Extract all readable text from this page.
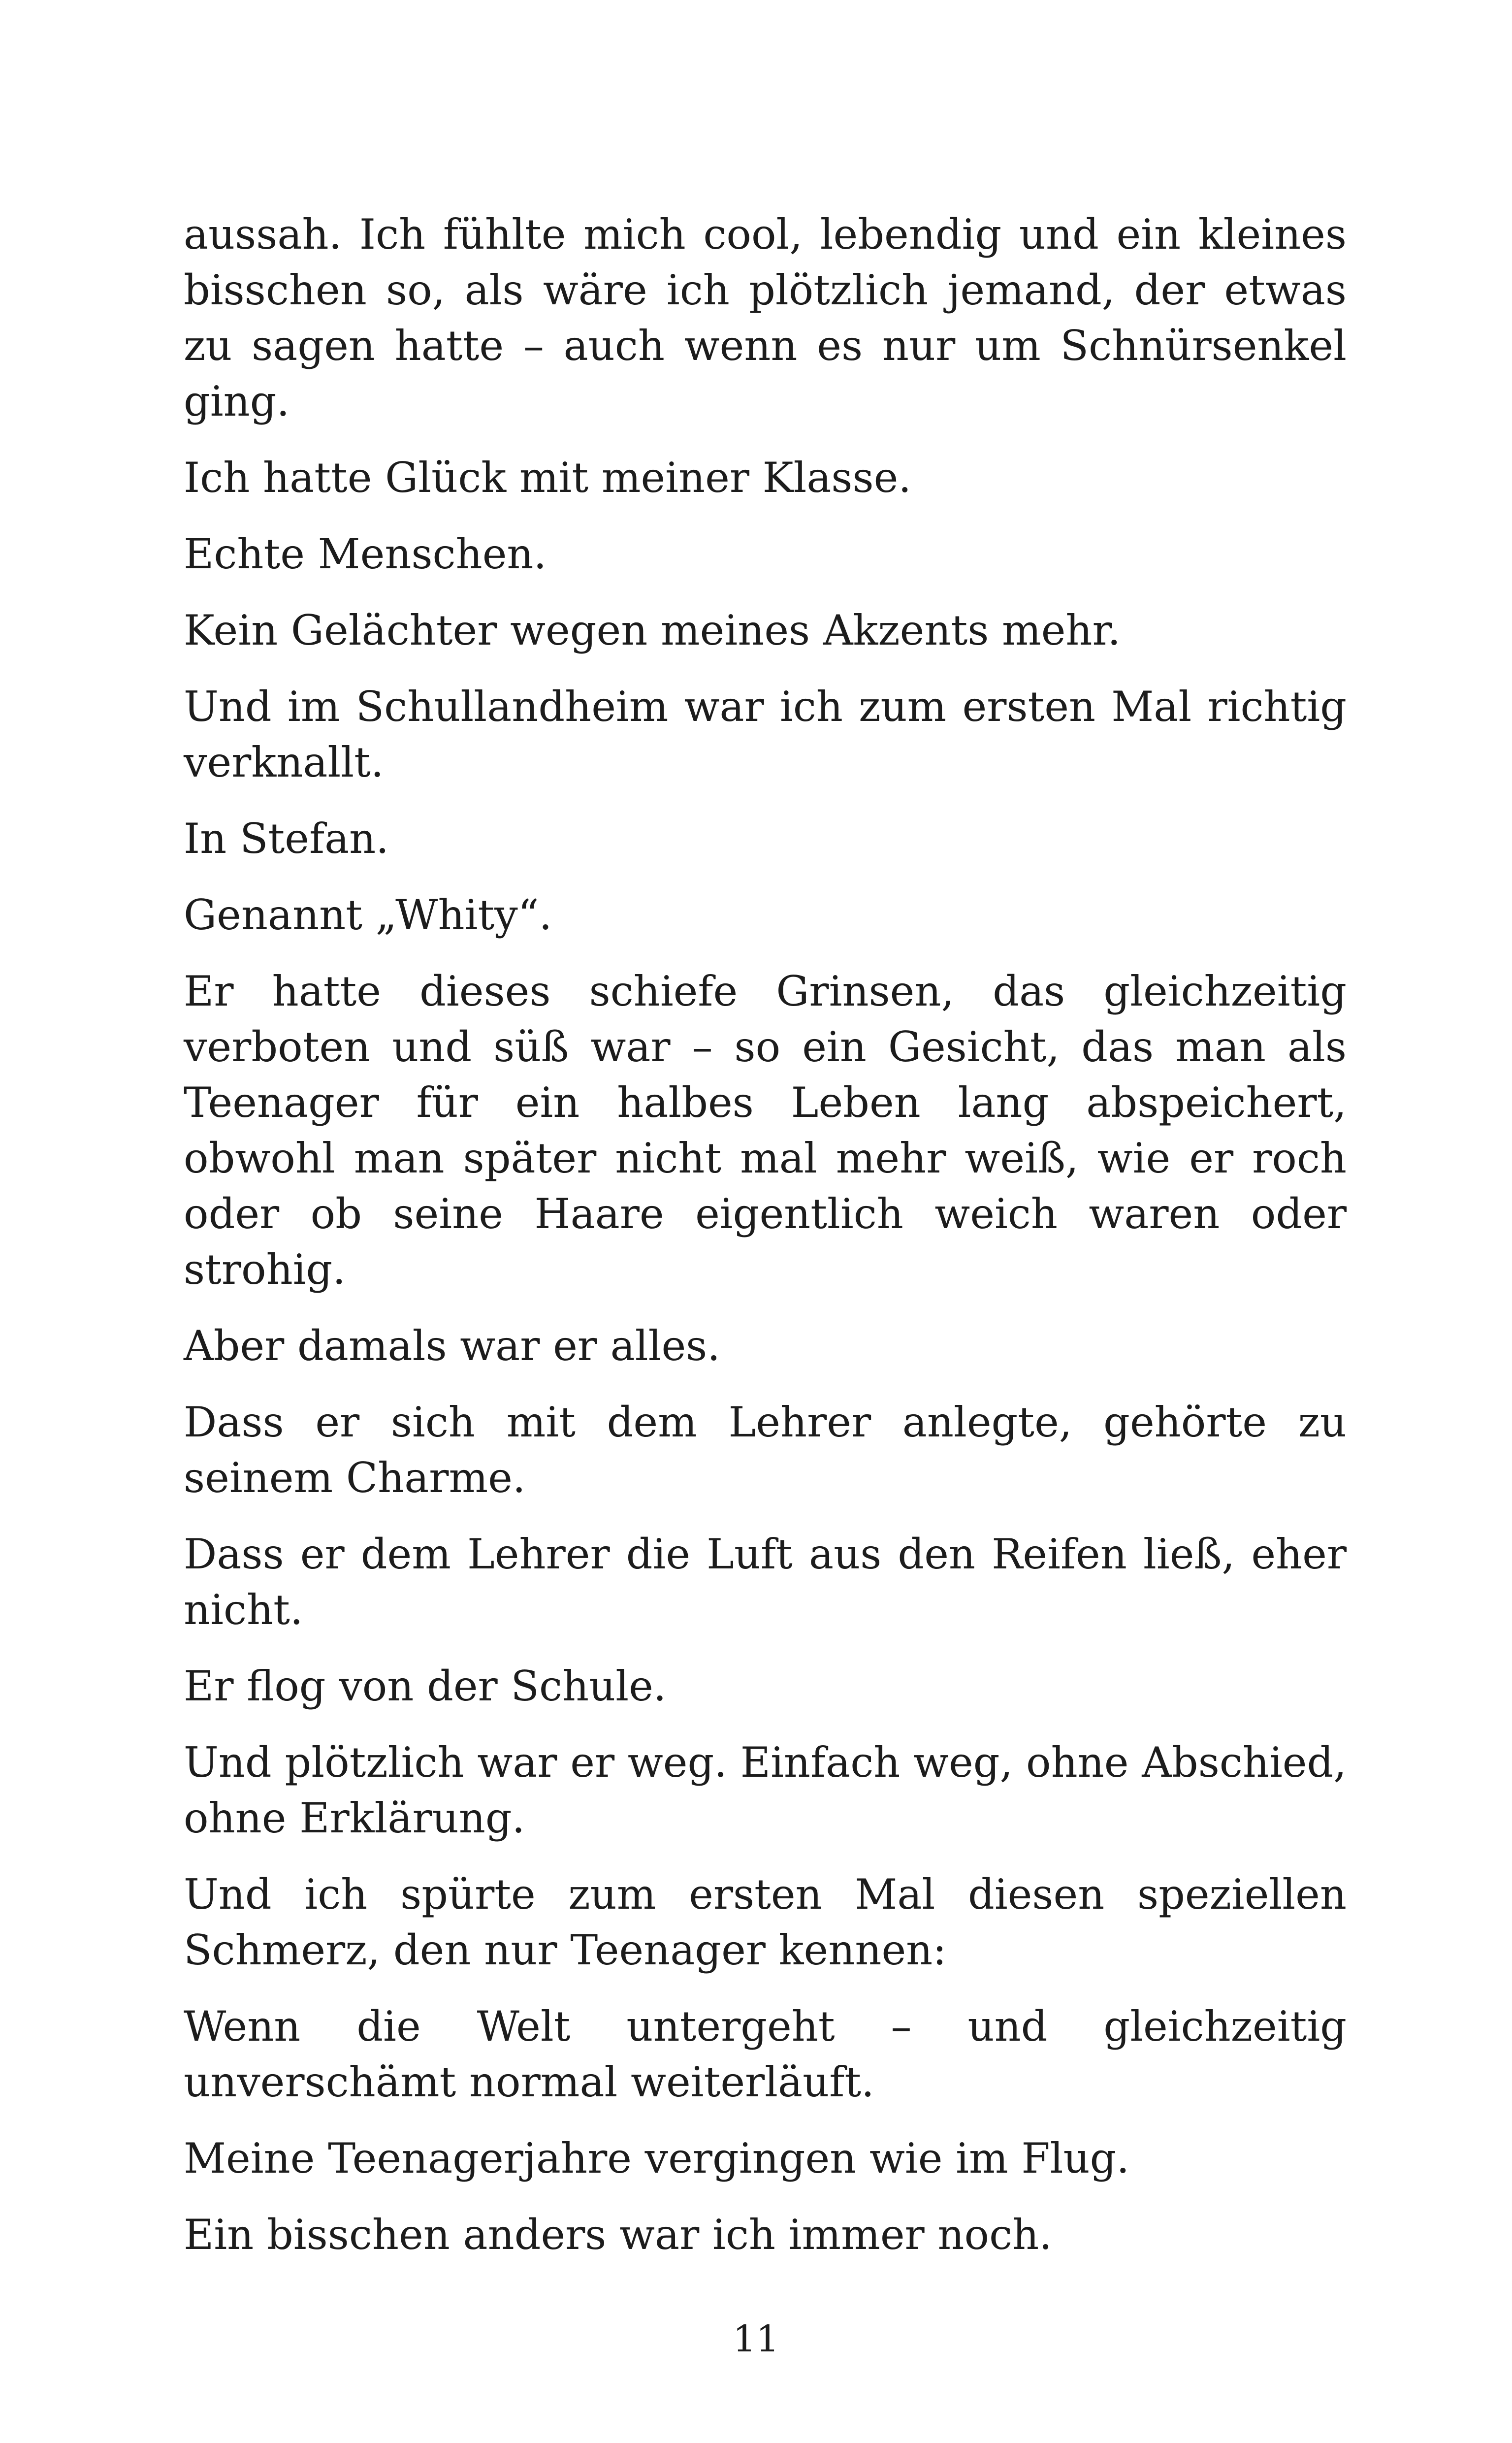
aussah. Ich fühlte mich cool, lebendig und ein kleines bisschen so, als wäre ich plötzlich jemand, der etwas zu sagen hatte – auch wenn es nur um Schnürsenkel ging.

Ich hatte Glück mit meiner Klasse.

Echte Menschen.

Kein Gelächter wegen meines Akzents mehr.

Und im Schullandheim war ich zum ersten Mal richtig verknallt.

In Stefan.

Genannt „Whity“.

Er hatte dieses schiefe Grinsen, das gleichzeitig verboten und süß war – so ein Gesicht, das man als Teenager für ein halbes Leben lang abspeichert, obwohl man später nicht mal mehr weiß, wie er roch oder ob seine Haare eigentlich weich waren oder strohig.

Aber damals war er alles.

Dass er sich mit dem Lehrer anlegte, gehörte zu seinem Charme.

Dass er dem Lehrer die Luft aus den Reifen ließ, eher nicht.

Er flog von der Schule.

Und plötzlich war er weg. Einfach weg, ohne Abschied, ohne Erklärung.

Und ich spürte zum ersten Mal diesen speziellen Schmerz, den nur Teenager kennen:

Wenn die Welt untergeht – und gleichzeitig unverschämt normal weiterläuft.

Meine Teenagerjahre vergingen wie im Flug.

Ein bisschen anders war ich immer noch.

11
